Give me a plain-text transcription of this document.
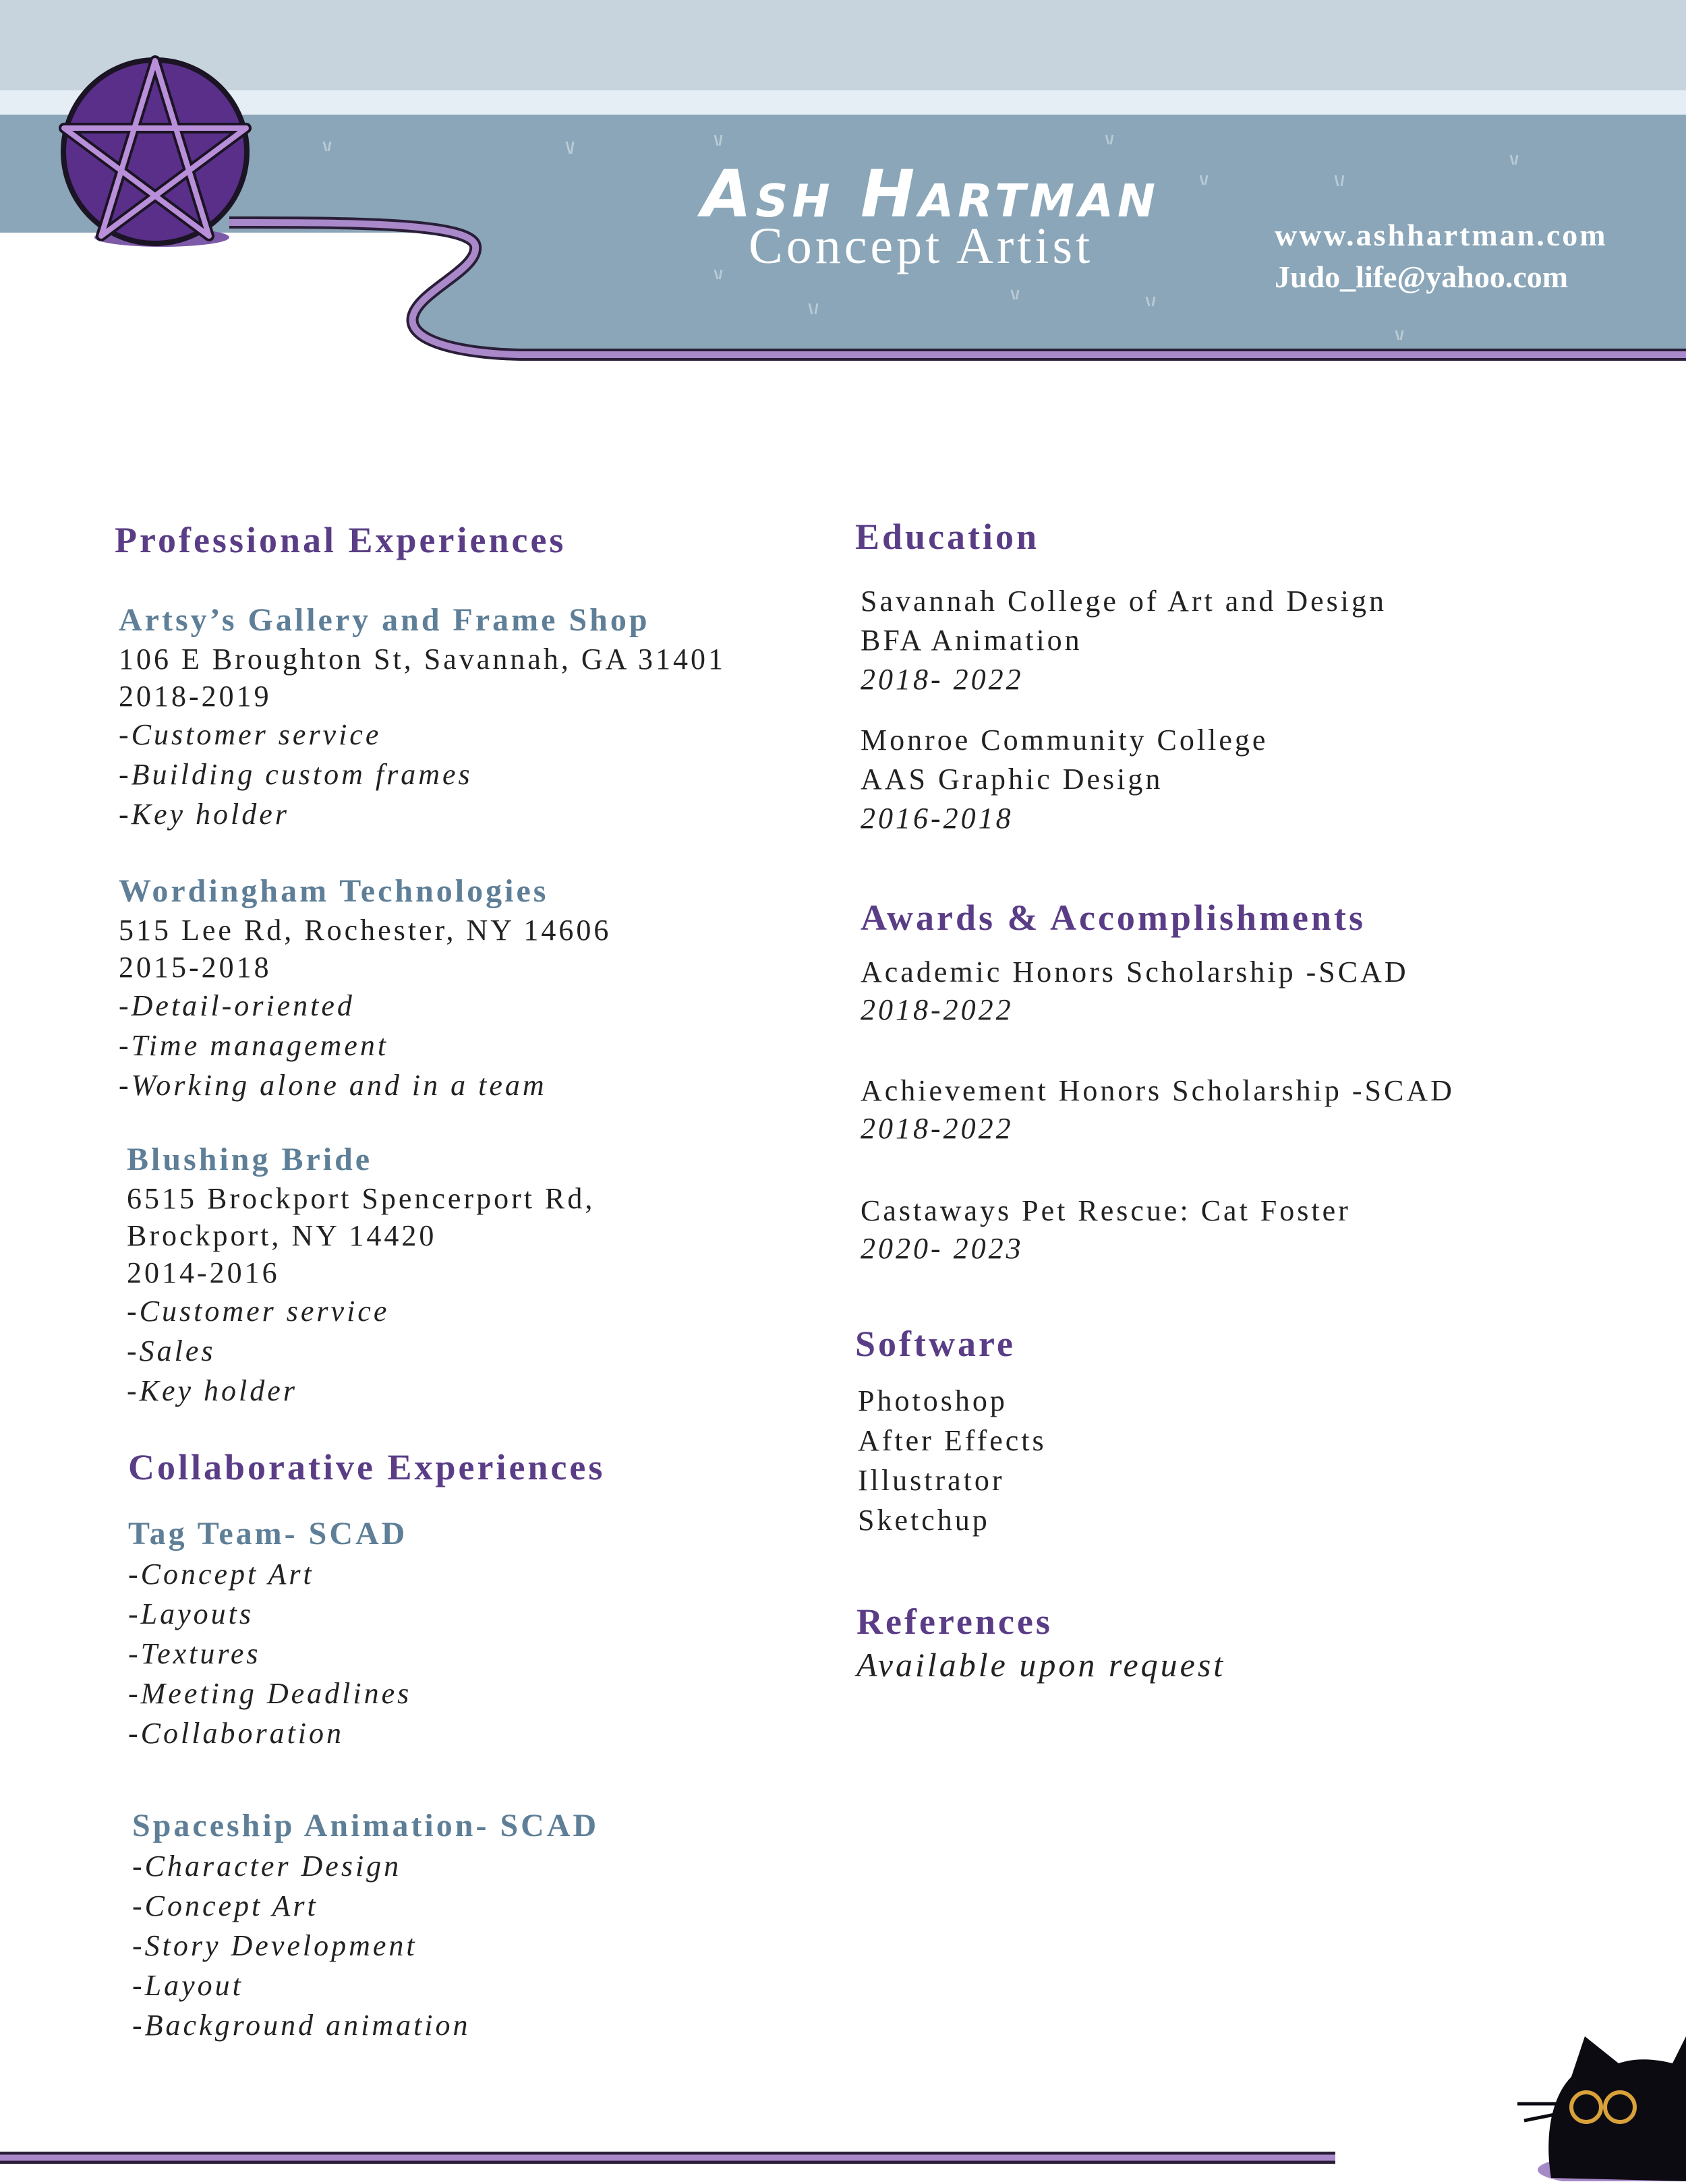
Ash Hartman
Concept Artist	www.ashhartman.com
Judo_life@yahoo.com
Professional Experiences
Artsy’s Gallery and Frame Shop
106 E Broughton St, Savannah, GA 31401
2018-2019
-Customer service
-Building custom frames
-Key holder
Wordingham Technologies
515 Lee Rd, Rochester, NY 14606
2015-2018
-Detail-oriented
-Time management
-Working alone and in a team
Blushing Bride
6515 Brockport Spencerport Rd,
Brockport, NY 14420
2014-2016
-Customer service
-Sales
-Key holder
Collaborative Experiences
Tag Team- SCAD
-Concept Art
-Layouts
-Textures
-Meeting Deadlines
-Collaboration
Spaceship Animation- SCAD
-Character Design
-Concept Art
-Story Development
-Layout
-Background animation
Education
Savannah College of Art and Design
BFA Animation
2018- 2022
Monroe Community College
AAS Graphic Design
2016-2018
Awards & Accomplishments
Academic Honors Scholarship -SCAD
2018-2022
Achievement Honors Scholarship -SCAD
2018-2022
Castaways Pet Rescue: Cat Foster
2020- 2023
Software
Photoshop
After Effects
Illustrator
Sketchup
References
Available upon request
